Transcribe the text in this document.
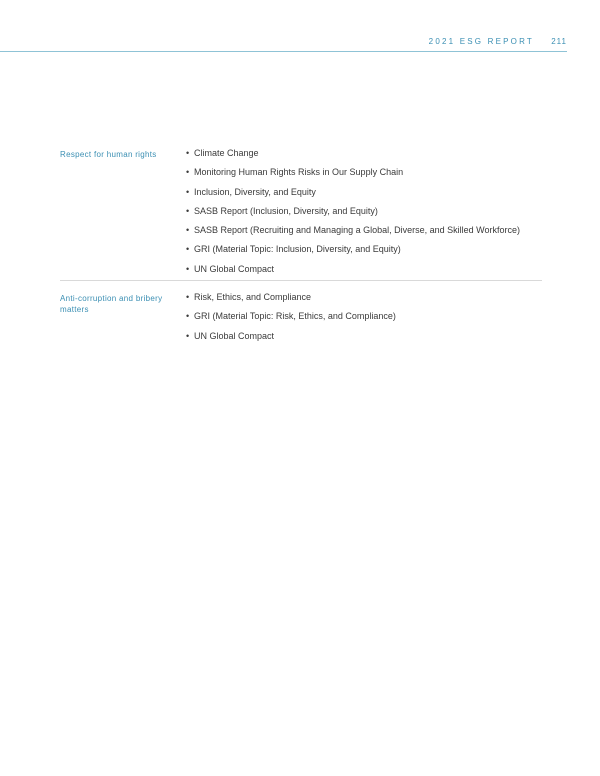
2021 ESG REPORT	211
Respect for human rights	• Climate Change
• Monitoring Human Rights Risks in Our Supply Chain
• Inclusion, Diversity, and Equity
• SASB Report (Inclusion, Diversity, and Equity)
• SASB Report (Recruiting and Managing a Global, Diverse, and Skilled Workforce)
• GRI (Material Topic: Inclusion, Diversity, and Equity)
• UN Global Compact
Anti-corruption and bribery matters
• Risk, Ethics, and Compliance
• GRI (Material Topic: Risk, Ethics, and Compliance)
• UN Global Compact
